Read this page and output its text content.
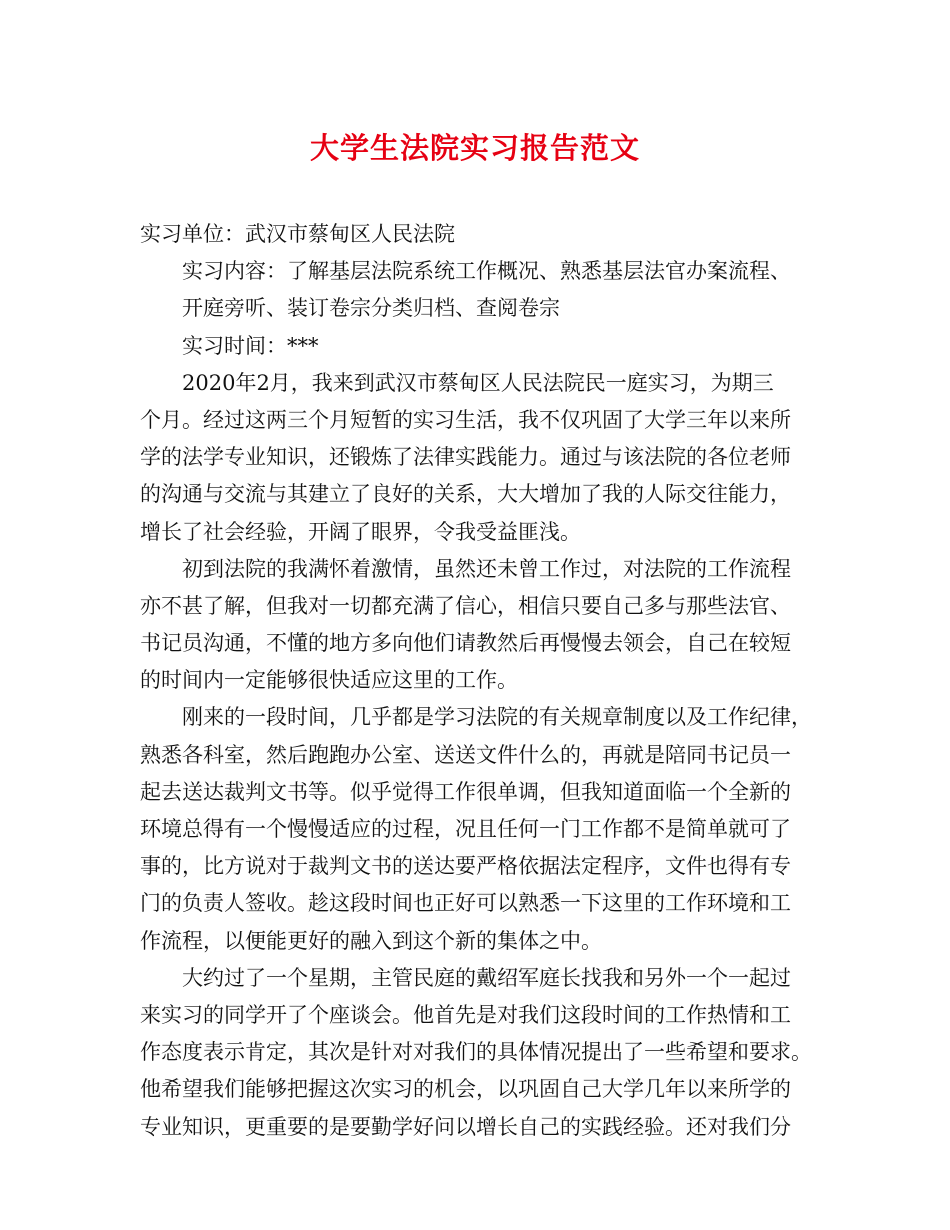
大学生法院实习报告范文
实习单位：武汉市蔡甸区人民法院
实习内容：了解基层法院系统工作概况、熟悉基层法官办案流程、
开庭旁听、装订卷宗分类归档、查阅卷宗
实习时间：***
2020年2月，我来到武汉市蔡甸区人民法院民一庭实习，为期三
个月。经过这两三个月短暂的实习生活，我不仅巩固了大学三年以来所
学的法学专业知识，还锻炼了法律实践能力。通过与该法院的各位老师
的沟通与交流与其建立了良好的关系，大大增加了我的人际交往能力，
增长了社会经验，开阔了眼界，令我受益匪浅。
初到法院的我满怀着激情，虽然还未曾工作过，对法院的工作流程
亦不甚了解，但我对一切都充满了信心，相信只要自己多与那些法官、
书记员沟通，不懂的地方多向他们请教然后再慢慢去领会，自己在较短
的时间内一定能够很快适应这里的工作。
刚来的一段时间，几乎都是学习法院的有关规章制度以及工作纪律，
熟悉各科室，然后跑跑办公室、送送文件什么的，再就是陪同书记员一
起去送达裁判文书等。似乎觉得工作很单调，但我知道面临一个全新的
环境总得有一个慢慢适应的过程，况且任何一门工作都不是简单就可了
事的，比方说对于裁判文书的送达要严格依据法定程序，文件也得有专
门的负责人签收。趁这段时间也正好可以熟悉一下这里的工作环境和工
作流程，以便能更好的融入到这个新的集体之中。
大约过了一个星期，主管民庭的戴绍军庭长找我和另外一个一起过
来实习的同学开了个座谈会。他首先是对我们这段时间的工作热情和工
作态度表示肯定，其次是针对对我们的具体情况提出了一些希望和要求。
他希望我们能够把握这次实习的机会，以巩固自己大学几年以来所学的
专业知识，更重要的是要勤学好问以增长自己的实践经验。还对我们分
